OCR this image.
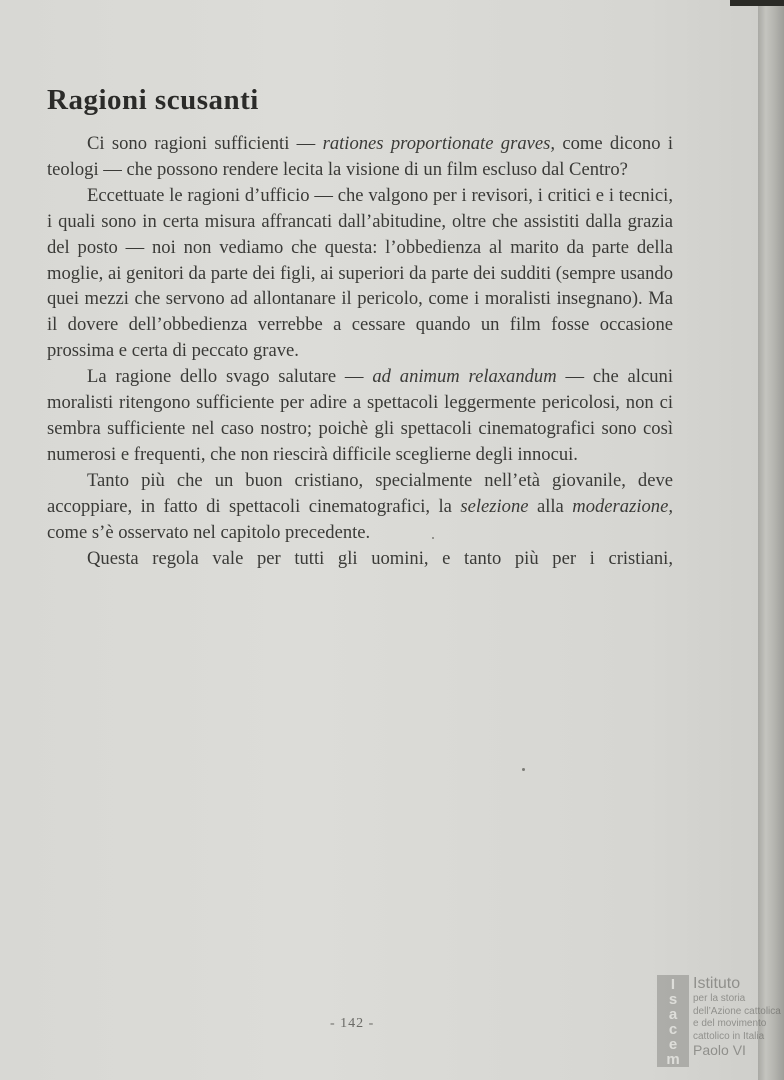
Ragioni scusanti

Ci sono ragioni sufficienti — rationes proportionate graves, come dicono i teologi — che possono rendere lecita la visione di un film escluso dal Centro?

Eccettuate le ragioni d’ufficio — che valgono per i revisori, i critici e i tecnici, i quali sono in certa misura affrancati dall’abitudine, oltre che assistiti dalla grazia del posto — noi non vediamo che questa: l’obbedienza al marito da parte della moglie, ai genitori da parte dei figli, ai superiori da parte dei sudditi (sempre usando quei mezzi che servono ad allontanare il pericolo, come i moralisti insegnano). Ma il dovere dell’obbedienza verrebbe a cessare quando un film fosse occasione prossima e certa di peccato grave.

La ragione dello svago salutare — ad animum relaxandum — che alcuni moralisti ritengono sufficiente per adire a spettacoli leggermente pericolosi, non ci sembra sufficiente nel caso nostro; poichè gli spettacoli cinematografici sono così numerosi e frequenti, che non riescirà difficile sceglierne degli innocui.

Tanto più che un buon cristiano, specialmente nell’età giovanile, deve accoppiare, in fatto di spettacoli cinematografici, la selezione alla moderazione, come s’è osservato nel capitolo precedente.

Questa regola vale per tutti gli uomini, e tanto più per i cristiani,

- 142 -
I
s
a
c
e
m
Istituto
per la storia
dell’Azione cattolica
e del movimento
cattolico in Italia
Paolo VI
